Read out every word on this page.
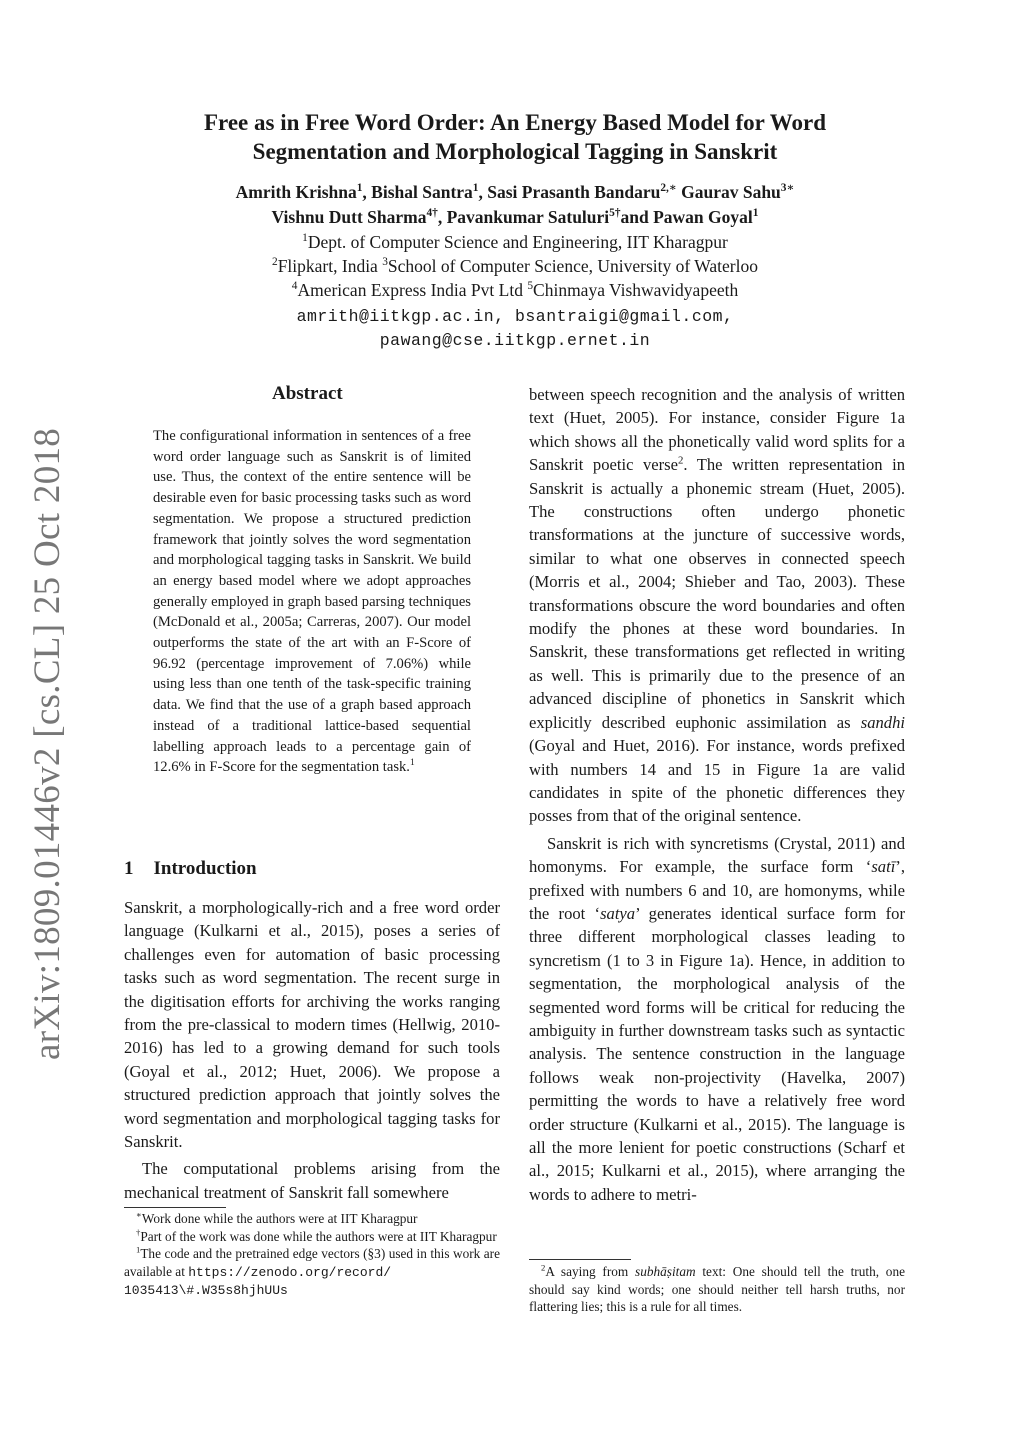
arXiv:1809.01446v2 [cs.CL] 25 Oct 2018
Free as in Free Word Order: An Energy Based Model for Word
Segmentation and Morphological Tagging in Sanskrit
Amrith Krishna$^1$, Bishal Santra$^1$, Sasi Prasanth Bandaru$^{2,∗}$ Gaurav Sahu$^{3∗}$
Vishnu Dutt Sharma$^{4\dagger}$, Pavankumar Satuluri$^{5\dagger}$and Pawan Goyal$^1$
$^1$Dept. of Computer Science and Engineering, IIT Kharagpur
$^2$Flipkart, India $^3$School of Computer Science, University of Waterloo
$^4$American Express India Pvt Ltd $^5$Chinmaya Vishwavidyapeeth
amrith@iitkgp.ac.in, bsantraigi@gmail.com,
pawang@cse.iitkgp.ernet.in
Abstract
The configurational information in sentences of a free word order language such as Sanskrit is of limited use. Thus, the context of the entire sentence will be desirable even for basic processing tasks such as word segmentation. We propose a structured prediction framework that jointly solves the word segmentation and morphological tagging tasks in Sanskrit. We build an energy based model where we adopt approaches generally employed in graph based parsing techniques (McDonald et al., 2005a; Carreras, 2007). Our model outperforms the state of the art with an F-Score of 96.92 (percentage improvement of 7.06%) while using less than one tenth of the task-specific training data. We find that the use of a graph based approach instead of a traditional lattice-based sequential labelling approach leads to a percentage gain of 12.6% in F-Score for the segmentation task.$^1$
1 Introduction

Sanskrit, a morphologically-rich and a free word order language (Kulkarni et al., 2015), poses a series of challenges even for automation of basic processing tasks such as word segmentation. The recent surge in the digitisation efforts for archiving the works ranging from the pre-classical to modern times (Hellwig, 2010-2016) has led to a growing demand for such tools (Goyal et al., 2012; Huet, 2006). We propose a structured prediction approach that jointly solves the word segmentation and morphological tagging tasks for Sanskrit.

The computational problems arising from the mechanical treatment of Sanskrit fall somewhere

∗Work done while the authors were at IIT Kharagpur

†Part of the work was done while the authors were at IIT Kharagpur

$^1$The code and the pretrained edge vectors (§3) used in this work are available at https://zenodo.org/record/
1035413\#.W35s8hjhUUs

between speech recognition and the analysis of written text (Huet, 2005). For instance, consider Figure 1a which shows all the phonetically valid word splits for a Sanskrit poetic verse$^2$. The written representation in Sanskrit is actually a phonemic stream (Huet, 2005). The constructions often undergo phonetic transformations at the juncture of successive words, similar to what one observes in connected speech (Morris et al., 2004; Shieber and Tao, 2003). These transformations obscure the word boundaries and often modify the phones at these word boundaries. In Sanskrit, these transformations get reflected in writing as well. This is primarily due to the presence of an advanced discipline of phonetics in Sanskrit which explicitly described euphonic assimilation as sandhi (Goyal and Huet, 2016). For instance, words prefixed with numbers 14 and 15 in Figure 1a are valid candidates in spite of the phonetic differences they posses from that of the original sentence.

Sanskrit is rich with syncretisms (Crystal, 2011) and homonyms. For example, the surface form ‘satī’, prefixed with numbers 6 and 10, are homonyms, while the root ‘satya’ generates identical surface form for three different morphological classes leading to syncretism (1 to 3 in Figure 1a). Hence, in addition to segmentation, the morphological analysis of the segmented word forms will be critical for reducing the ambiguity in further downstream tasks such as syntactic analysis. The sentence construction in the language follows weak non-projectivity (Havelka, 2007) permitting the words to have a relatively free word order structure (Kulkarni et al., 2015). The language is all the more lenient for poetic constructions (Scharf et al., 2015; Kulkarni et al., 2015), where arranging the words to adhere to metri-

$^2$A saying from subhāṣitam text: One should tell the truth, one should say kind words; one should neither tell harsh truths, nor flattering lies; this is a rule for all times.
